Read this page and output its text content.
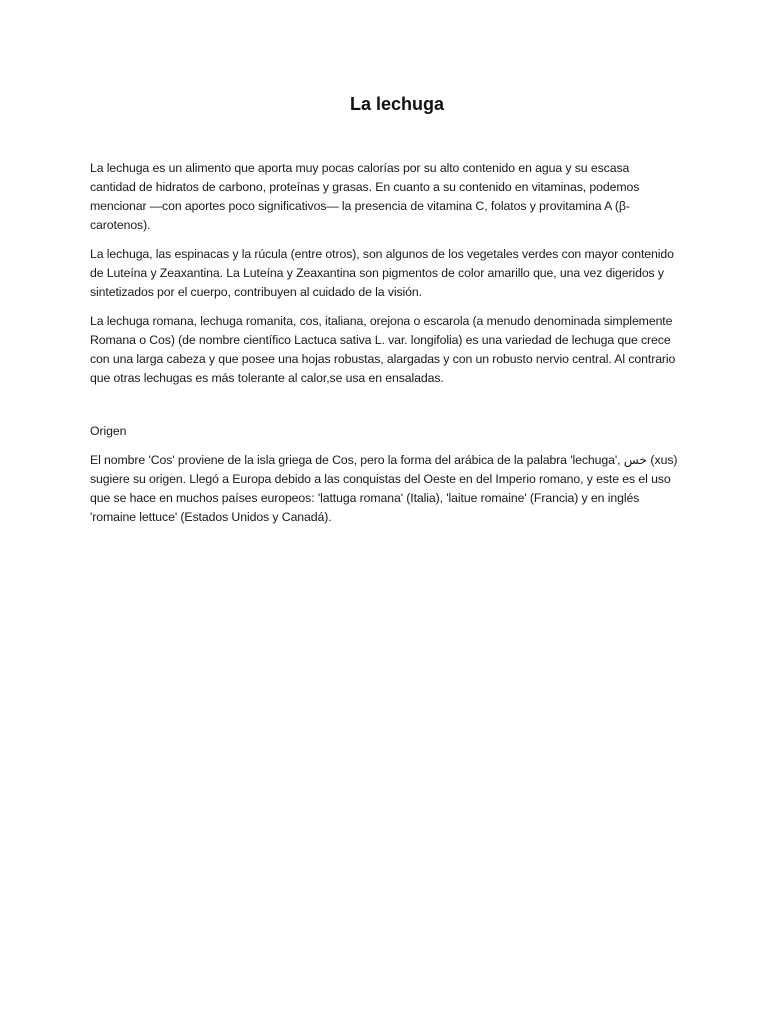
La lechuga

La lechuga es un alimento que aporta muy pocas calorías por su alto contenido en agua y su escasa cantidad de hidratos de carbono, proteínas y grasas. En cuanto a su contenido en vitaminas, podemos mencionar —con aportes poco significativos— la presencia de vitamina C, folatos y provitamina A (β-carotenos).

La lechuga, las espinacas y la rúcula (entre otros), son algunos de los vegetales verdes con mayor contenido de Luteína y Zeaxantina. La Luteína y Zeaxantina son pigmentos de color amarillo que, una vez digeridos y sintetizados por el cuerpo, contribuyen al cuidado de la visión.

La lechuga romana, lechuga romanita, cos, italiana, orejona o escarola (a menudo denominada simplemente Romana o Cos) (de nombre científico Lactuca sativa L. var. longifolia) es una variedad de lechuga que crece con una larga cabeza y que posee una hojas robustas, alargadas y con un robusto nervio central. Al contrario que otras lechugas es más tolerante al calor,se usa en ensaladas.

Origen

El nombre 'Cos' proviene de la isla griega de Cos, pero la forma del arábica de la palabra 'lechuga', خس (xus) sugiere su origen. Llegó a Europa debido a las conquistas del Oeste en del Imperio romano, y este es el uso que se hace en muchos países europeos: 'lattuga romana' (Italia), 'laitue romaine' (Francia) y en inglés 'romaine lettuce' (Estados Unidos y Canadá).
